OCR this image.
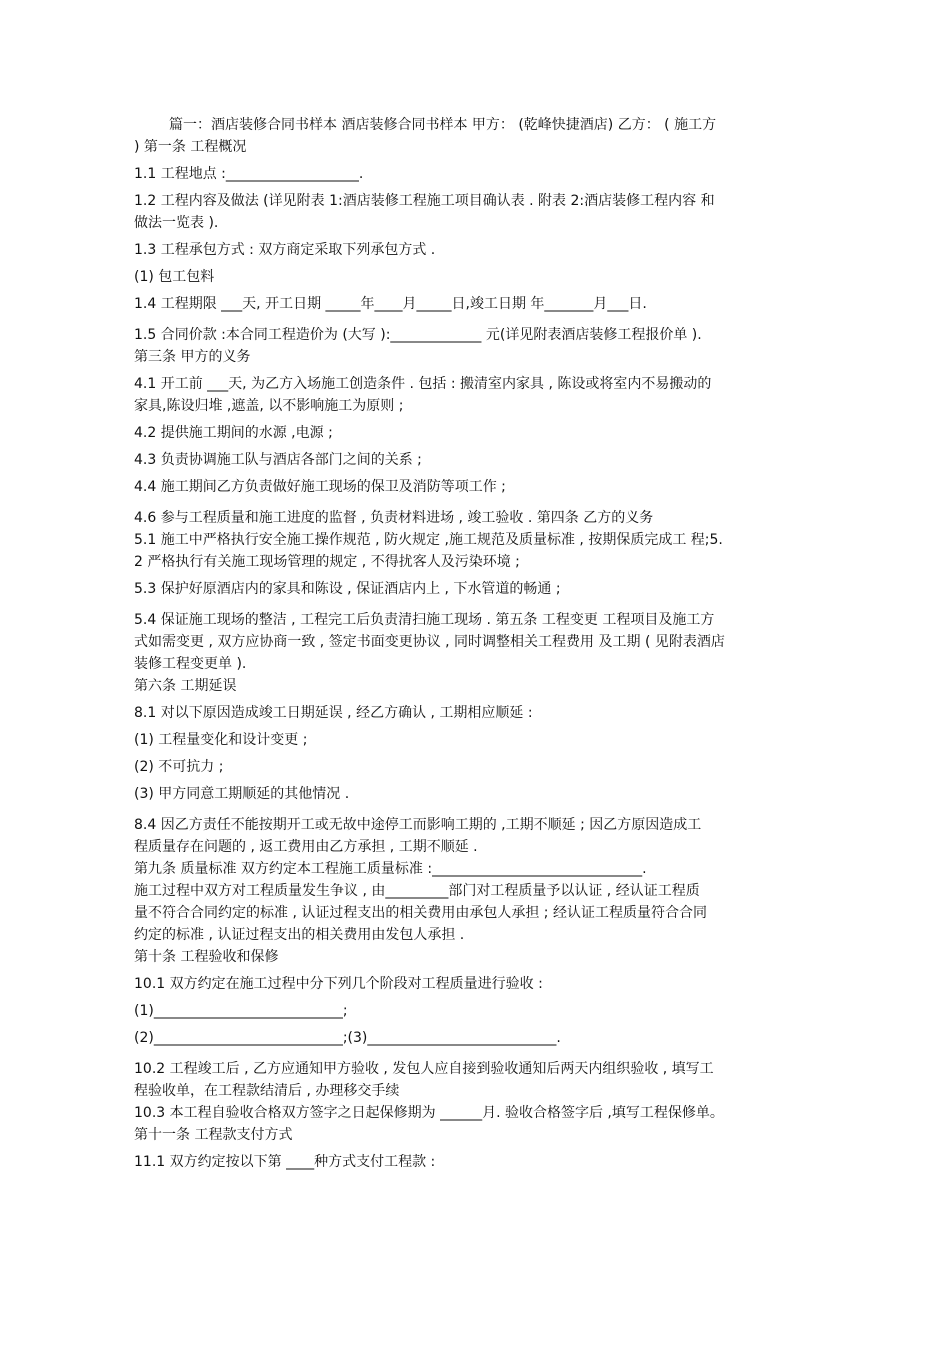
篇一：酒店装修合同书样本 酒店装修合同书样本 甲方： (乾峰快捷酒店) 乙方： ( 施工方
) 第一条 工程概况
1.1 工程地点 :___________________.
1.2 工程内容及做法 (详见附表 1:酒店装修工程施工项目确认表 . 附表 2:酒店装修工程内容 和
做法一览表 ).
1.3 工程承包方式 : 双方商定采取下列承包方式 .
(1) 包工包料
1.4 工程期限 ___天, 开工日期 _____年____月_____日,竣工日期 年_______月___日.
1.5 合同价款 :本合同工程造价为 (大写 ):_____________ 元(详见附表酒店装修工程报价单 ).
第三条 甲方的义务
4.1 开工前 ___天, 为乙方入场施工创造条件 . 包括 : 搬清室内家具 , 陈设或将室内不易搬动的
家具,陈设归堆 ,遮盖, 以不影响施工为原则 ;
4.2 提供施工期间的水源 ,电源 ;
4.3 负责协调施工队与酒店各部门之间的关系 ;
4.4 施工期间乙方负责做好施工现场的保卫及消防等项工作 ;
4.6 参与工程质量和施工进度的监督 , 负责材料进场 , 竣工验收 . 第四条 乙方的义务
5.1 施工中严格执行安全施工操作规范 , 防火规定 ,施工规范及质量标准 , 按期保质完成工 程;5.
2 严格执行有关施工现场管理的规定 , 不得扰客人及污染环境 ;
5.3 保护好原酒店内的家具和陈设 , 保证酒店内上 , 下水管道的畅通 ;
5.4 保证施工现场的整洁 , 工程完工后负责清扫施工现场 . 第五条 工程变更 工程项目及施工方
式如需变更 , 双方应协商一致 , 签定书面变更协议 , 同时调整相关工程费用 及工期 ( 见附表酒店
装修工程变更单 ).
第六条 工期延误
8.1 对以下原因造成竣工日期延误 , 经乙方确认 , 工期相应顺延 :
(1) 工程量变化和设计变更 ;
(2) 不可抗力 ;
(3) 甲方同意工期顺延的其他情况 .
8.4 因乙方责任不能按期开工或无故中途停工而影响工期的 ,工期不顺延 ; 因乙方原因造成工
程质量存在问题的 , 返工费用由乙方承担 , 工期不顺延 .
第九条 质量标准 双方约定本工程施工质量标准 :______________________________.
施工过程中双方对工程质量发生争议 , 由_________部门对工程质量予以认证 , 经认证工程质
量不符合合同约定的标准 , 认证过程支出的相关费用由承包人承担 ; 经认证工程质量符合合同
约定的标准 , 认证过程支出的相关费用由发包人承担 .
第十条 工程验收和保修
10.1 双方约定在施工过程中分下列几个阶段对工程质量进行验收 :
(1)___________________________;
(2)___________________________;(3)___________________________.
10.2 工程竣工后 , 乙方应通知甲方验收 , 发包人应自接到验收通知后两天内组织验收 , 填写工
程验收单，在工程款结清后 , 办理移交手续
10.3 本工程自验收合格双方签字之日起保修期为 ______月. 验收合格签字后 ,填写工程保修单。
第十一条 工程款支付方式
11.1 双方约定按以下第 ____种方式支付工程款 :
